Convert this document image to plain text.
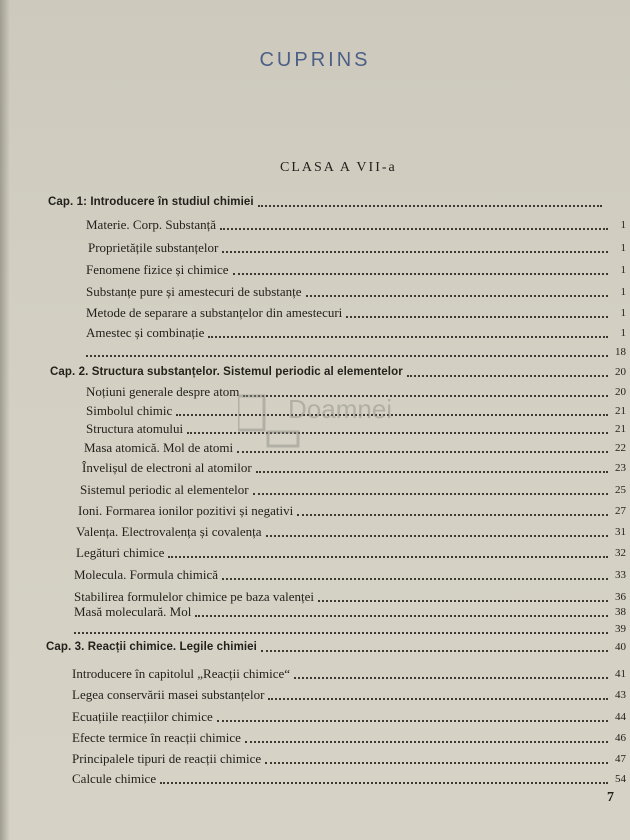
CUPRINS
CLASA A VII-a
Cap. 1: Introducere în studiul chimiei
Materie. Corp. Substanță	1
Proprietățile substanțelor	1
Fenomene fizice și chimice	1
Substanțe pure și amestecuri de substanțe	1
Metode de separare a substanțelor din amestecuri	1
Amestec și combinație	1
18
Cap. 2. Structura substanțelor. Sistemul periodic al elementelor	20
Noțiuni generale despre atom	20
Simbolul chimic	21
Structura atomului	21
Masa atomică. Mol de atomi	22
Învelișul de electroni al atomilor	23
Sistemul periodic al elementelor	25
Ioni. Formarea ionilor pozitivi și negativi	27
Valența. Electrovalența și covalența	31
Legături chimice	32
Molecula. Formula chimică	33
Stabilirea formulelor chimice pe baza valenței	36
Masă moleculară. Mol	38
39
Cap. 3. Reacții chimice. Legile chimiei	40
Introducere în capitolul „Reacții chimice“	41
Legea conservării masei substanțelor	43
Ecuațiile reacțiilor chimice	44
Efecte termice în reacții chimice	46
Principalele tipuri de reacții chimice	47
Calcule chimice	54
Doamnei
7
